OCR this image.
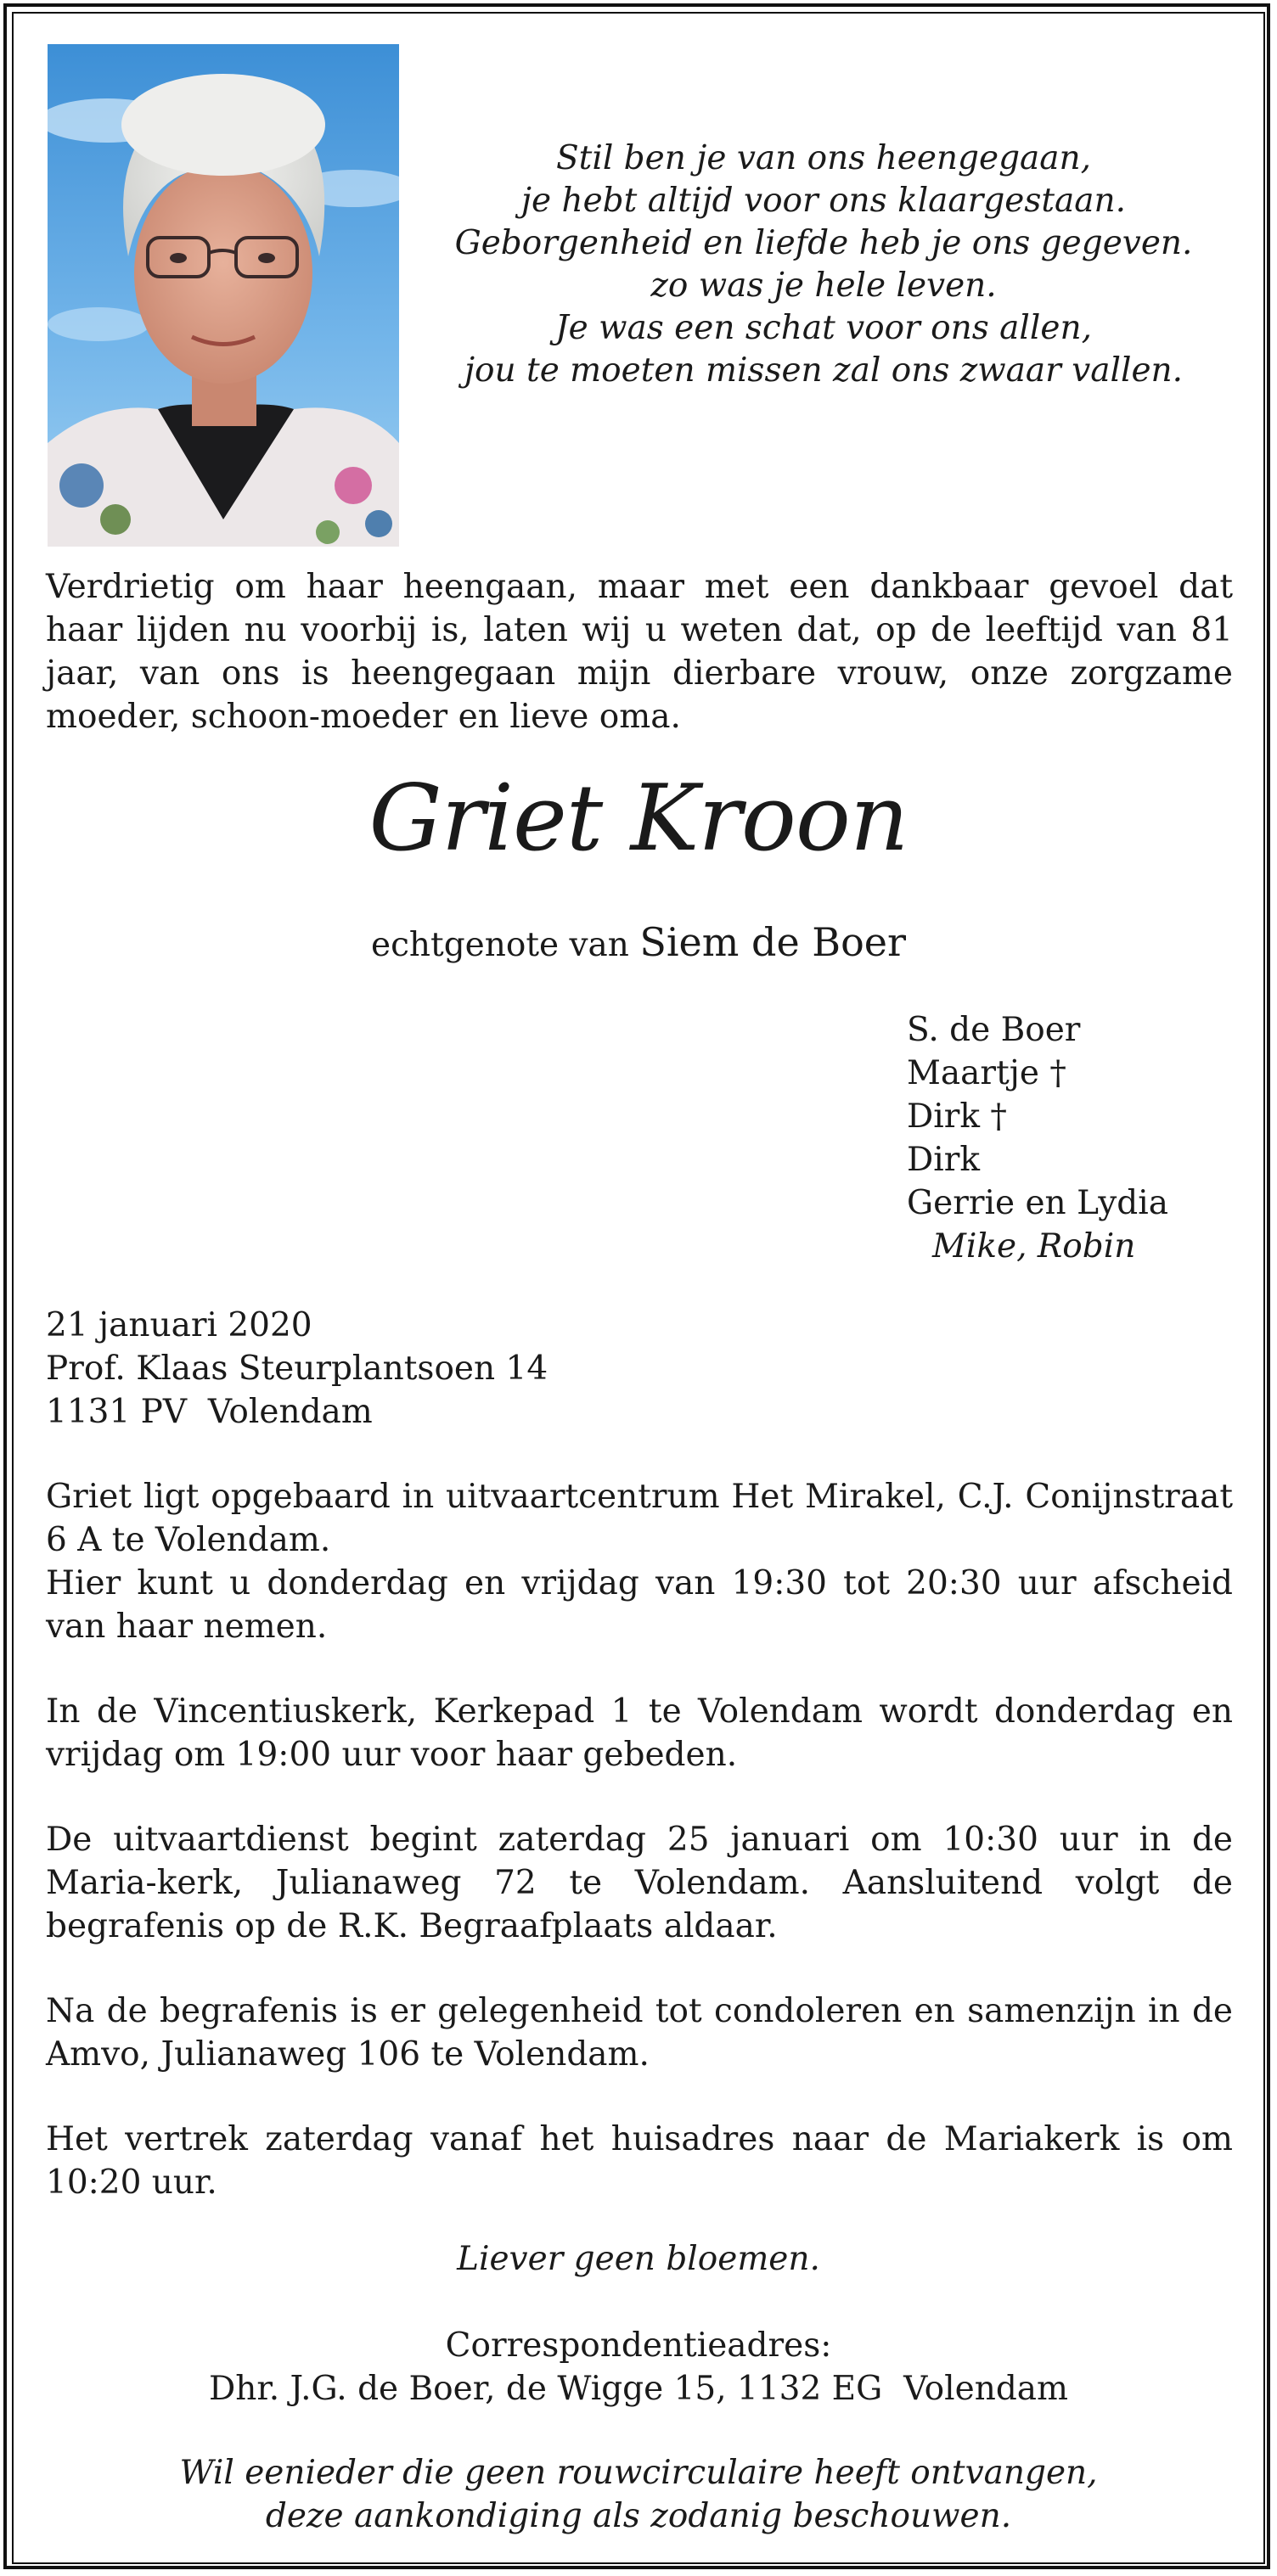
Stil ben je van ons heengegaan,
je hebt altijd voor ons klaargestaan.
Geborgenheid en liefde heb je ons gegeven.
zo was je hele leven.
Je was een schat voor ons allen,
jou te moeten missen zal ons zwaar vallen.
Verdrietig om haar heengaan, maar met een dankbaar gevoel dat haar lijden nu voorbij is, laten wij u weten dat, op de leeftijd van 81 jaar, van ons is heengegaan mijn dierbare vrouw, onze zorgzame moeder, schoon-moeder en lieve oma.
Griet Kroon
echtgenote van Siem de Boer
S. de Boer
Maartje †
Dirk †
Dirk
Gerrie en Lydia
Mike, Robin
21 januari 2020
Prof. Klaas Steurplantsoen 14
1131 PV  Volendam

Griet ligt opgebaard in uitvaartcentrum Het Mirakel, C.J. Conijnstraat 6 A te Volendam.
Hier kunt u donderdag en vrijdag van 19:30 tot 20:30 uur afscheid van haar nemen.

In de Vincentiuskerk, Kerkepad 1 te Volendam wordt donderdag en vrijdag om 19:00 uur voor haar gebeden.

De uitvaartdienst begint zaterdag 25 januari om 10:30 uur in de Maria-kerk, Julianaweg 72 te Volendam. Aansluitend volgt de begrafenis op de R.K. Begraafplaats aldaar.

Na de begrafenis is er gelegenheid tot condoleren en samenzijn in de Amvo, Julianaweg 106 te Volendam.

Het vertrek zaterdag vanaf het huisadres naar de Mariakerk is om 10:20 uur.

Liever geen bloemen.
Correspondentieadres:
Dhr. J.G. de Boer, de Wigge 15, 1132 EG  Volendam
Wil eenieder die geen rouwcirculaire heeft ontvangen,
deze aankondiging als zodanig beschouwen.
